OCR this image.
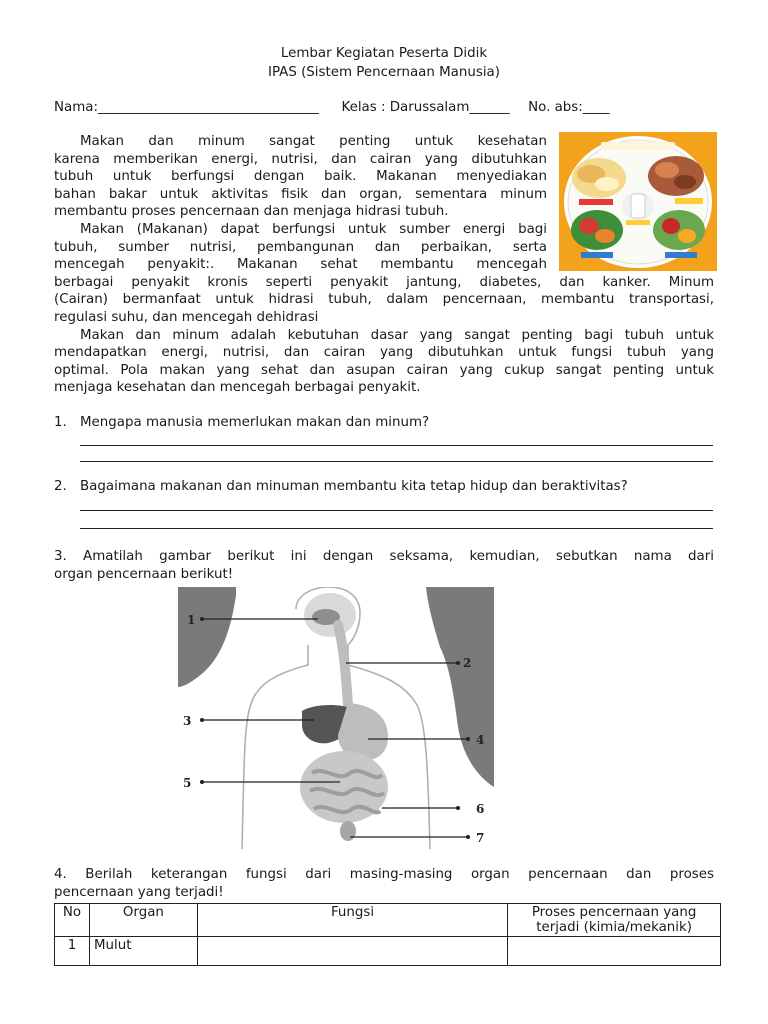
Lembar Kegiatan Peserta Didik
IPAS (Sistem Pencernaan Manusia)
Nama:_________________________________ Kelas : Darussalam______ No. abs:____
Makan dan minum sangat penting untuk kesehatan
karena memberikan energi, nutrisi, dan cairan yang dibutuhkan
tubuh untuk berfungsi dengan baik. Makanan menyediakan
bahan bakar untuk aktivitas fisik dan organ, sementara minum
membantu proses pencernaan dan menjaga hidrasi tubuh.
Makan (Makanan) dapat berfungsi untuk sumber energi bagi
tubuh, sumber nutrisi, pembangunan dan perbaikan, serta
mencegah penyakit:. Makanan sehat membantu mencegah
berbagai penyakit kronis seperti penyakit jantung, diabetes, dan kanker. Minum
(Cairan) bermanfaat untuk hidrasi tubuh, dalam pencernaan, membantu transportasi,
regulasi suhu, dan mencegah dehidrasi
Makan dan minum adalah kebutuhan dasar yang sangat penting bagi tubuh untuk
mendapatkan energi, nutrisi, dan cairan yang dibutuhkan untuk fungsi tubuh yang
optimal. Pola makan yang sehat dan asupan cairan yang cukup sangat penting untuk
menjaga kesehatan dan mencegah berbagai penyakit.
1. Mengapa manusia memerlukan makan dan minum?
2. Bagaimana makanan dan minuman membantu kita tetap hidup dan beraktivitas?
3. Amatilah gambar berikut ini dengan seksama, kemudian, sebutkan nama dari
organ pencernaan berikut!
1
2
3
4
5
6
7
4. Berilah keterangan fungsi dari masing-masing organ pencernaan dan proses
pencernaan yang terjadi!
No	Organ	Fungsi	Proses pencernaan yang
terjadi (kimia/mekanik)

1	Mulut		
